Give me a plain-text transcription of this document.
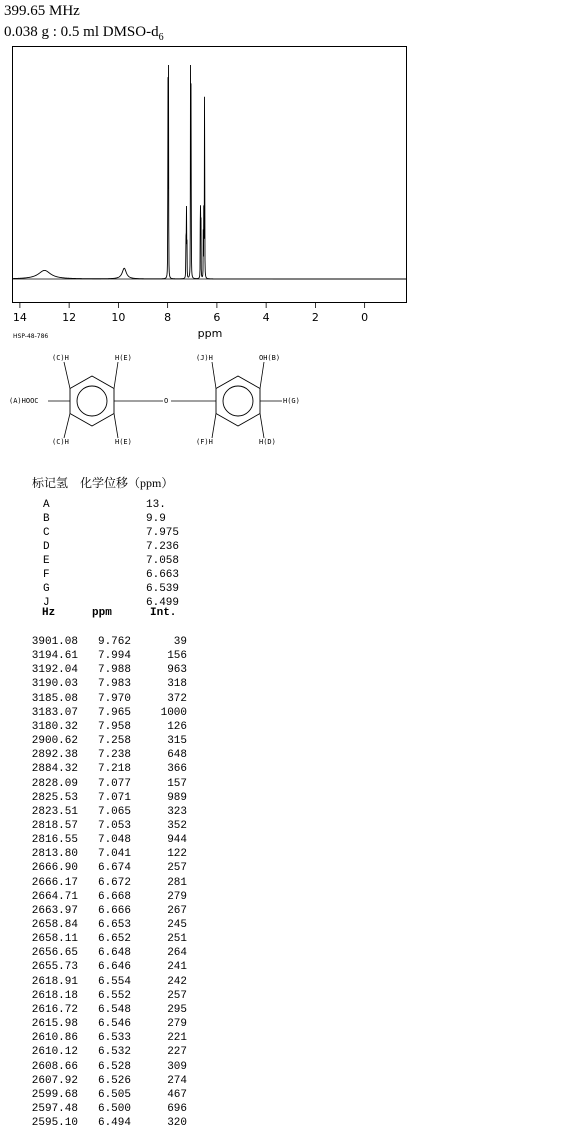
399.65 MHz
0.038 g : 0.5 ml DMSO-$d_6$
14	12	10	8	6	4	2	0
ppm
HSP-48-786
(C)H	H(E)
(A)HOOC	O
(C)H	H(E)
(J)H	OH(B)
H(G)
(F)H	H(D)
标记氢    化学位移（ppm）
A	13.
B	9.9
C	7.975
D	7.236
E	7.058
F	6.663
G	6.539
J	6.499
Hz	ppm	Int.
3901.08	9.762	39
3194.61	7.994	156
3192.04	7.988	963
3190.03	7.983	318
3185.08	7.970	372
3183.07	7.965	1000
3180.32	7.958	126
2900.62	7.258	315
2892.38	7.238	648
2884.32	7.218	366
2828.09	7.077	157
2825.53	7.071	989
2823.51	7.065	323
2818.57	7.053	352
2816.55	7.048	944
2813.80	7.041	122
2666.90	6.674	257
2666.17	6.672	281
2664.71	6.668	279
2663.97	6.666	267
2658.84	6.653	245
2658.11	6.652	251
2656.65	6.648	264
2655.73	6.646	241
2618.91	6.554	242
2618.18	6.552	257
2616.72	6.548	295
2615.98	6.546	279
2610.86	6.533	221
2610.12	6.532	227
2608.66	6.528	309
2607.92	6.526	274
2599.68	6.505	467
2597.48	6.500	696
2595.10	6.494	320
